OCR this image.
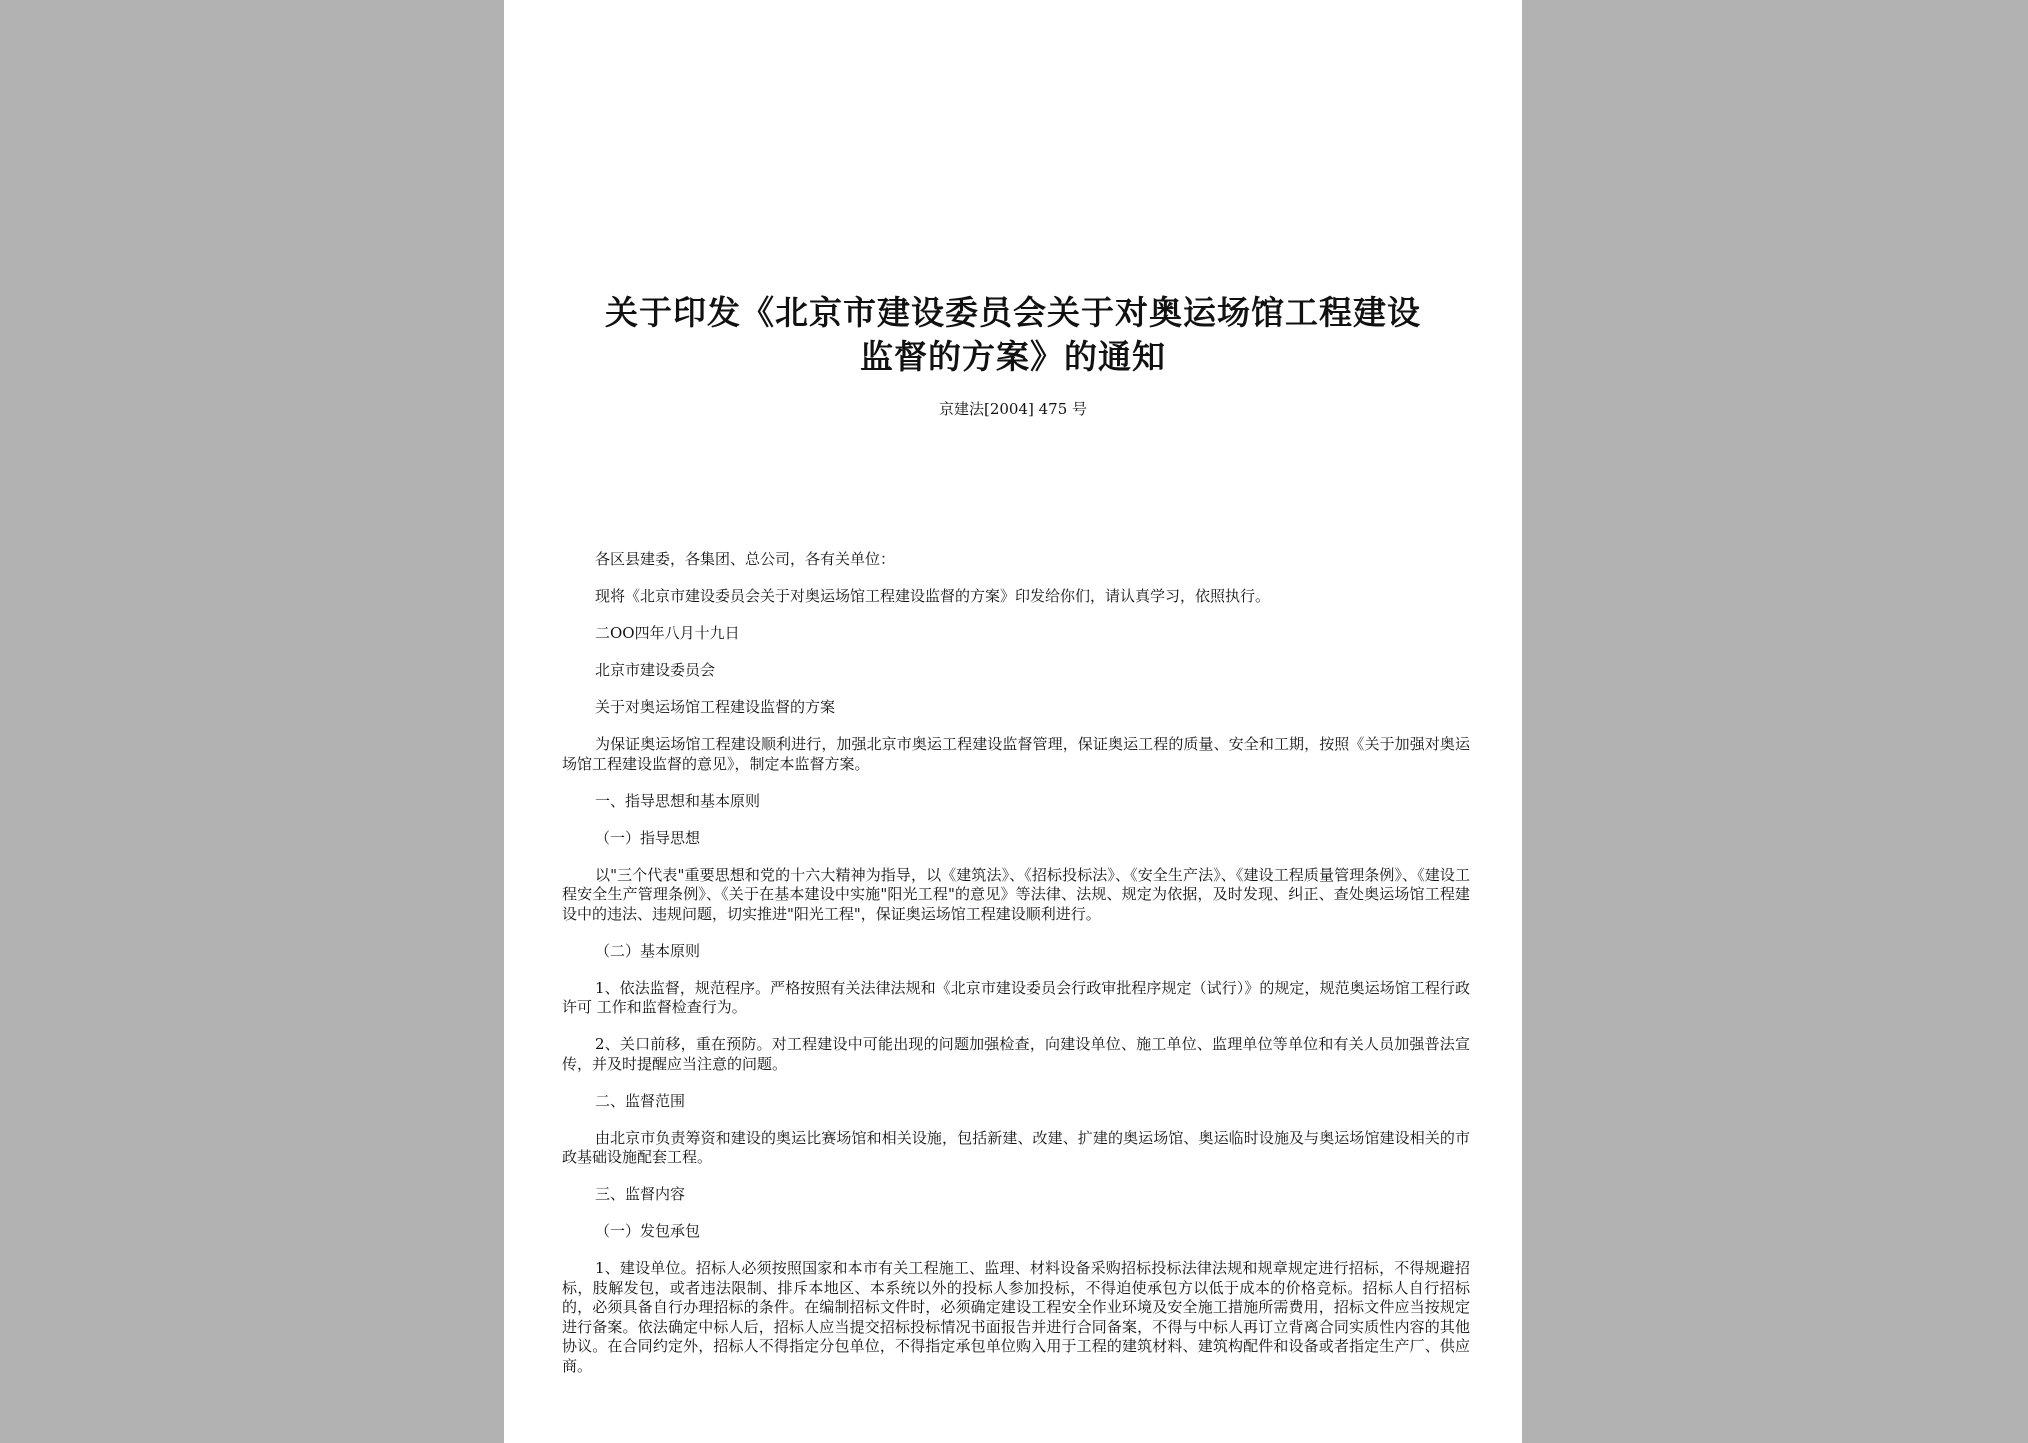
关于印发《北京市建设委员会关于对奥运场馆工程建设
监督的方案》的通知
京建法[2004] 475 号

各区县建委，各集团、总公司，各有关单位：

现将《北京市建设委员会关于对奥运场馆工程建设监督的方案》印发给你们，请认真学习，依照执行。

二OO四年八月十九日

北京市建设委员会

关于对奥运场馆工程建设监督的方案

为保证奥运场馆工程建设顺利进行，加强北京市奥运工程建设监督管理，保证奥运工程的质量、安全和工期，按照《关于加强对奥运场馆工程建设监督的意见》，制定本监督方案。

一、指导思想和基本原则

（一）指导思想

以"三个代表"重要思想和党的十六大精神为指导，以《建筑法》、《招标投标法》、《安全生产法》、《建设工程质量管理条例》、《建设工程安全生产管理条例》、《关于在基本建设中实施"阳光工程"的意见》等法律、法规、规定为依据，及时发现、纠正、查处奥运场馆工程建设中的违法、违规问题，切实推进"阳光工程"，保证奥运场馆工程建设顺利进行。

（二）基本原则

1、依法监督，规范程序。严格按照有关法律法规和《北京市建设委员会行政审批程序规定（试行）》的规定，规范奥运场馆工程行政 许可 工作和监督检查行为。

2、关口前移，重在预防。对工程建设中可能出现的问题加强检查，向建设单位、施工单位、监理单位等单位和有关人员加强普法宣传，并及时提醒应当注意的问题。

二、监督范围

由北京市负责筹资和建设的奥运比赛场馆和相关设施，包括新建、改建、扩建的奥运场馆、奥运临时设施及与奥运场馆建设相关的市政基础设施配套工程。

三、监督内容

（一）发包承包

1、建设单位。招标人必须按照国家和本市有关工程施工、监理、材料设备采购招标投标法律法规和规章规定进行招标，不得规避招标，肢解发包，或者违法限制、排斥本地区、本系统以外的投标人参加投标，不得迫使承包方以低于成本的价格竞标。招标人自行招标的，必须具备自行办理招标的条件。在编制招标文件时，必须确定建设工程安全作业环境及安全施工措施所需费用，招标文件应当按规定进行备案。依法确定中标人后，招标人应当提交招标投标情况书面报告并进行合同备案，不得与中标人再订立背离合同实质性内容的其他协议。在合同约定外，招标人不得指定分包单位，不得指定承包单位购入用于工程的建筑材料、建筑构配件和设备或者指定生产厂、供应商。
